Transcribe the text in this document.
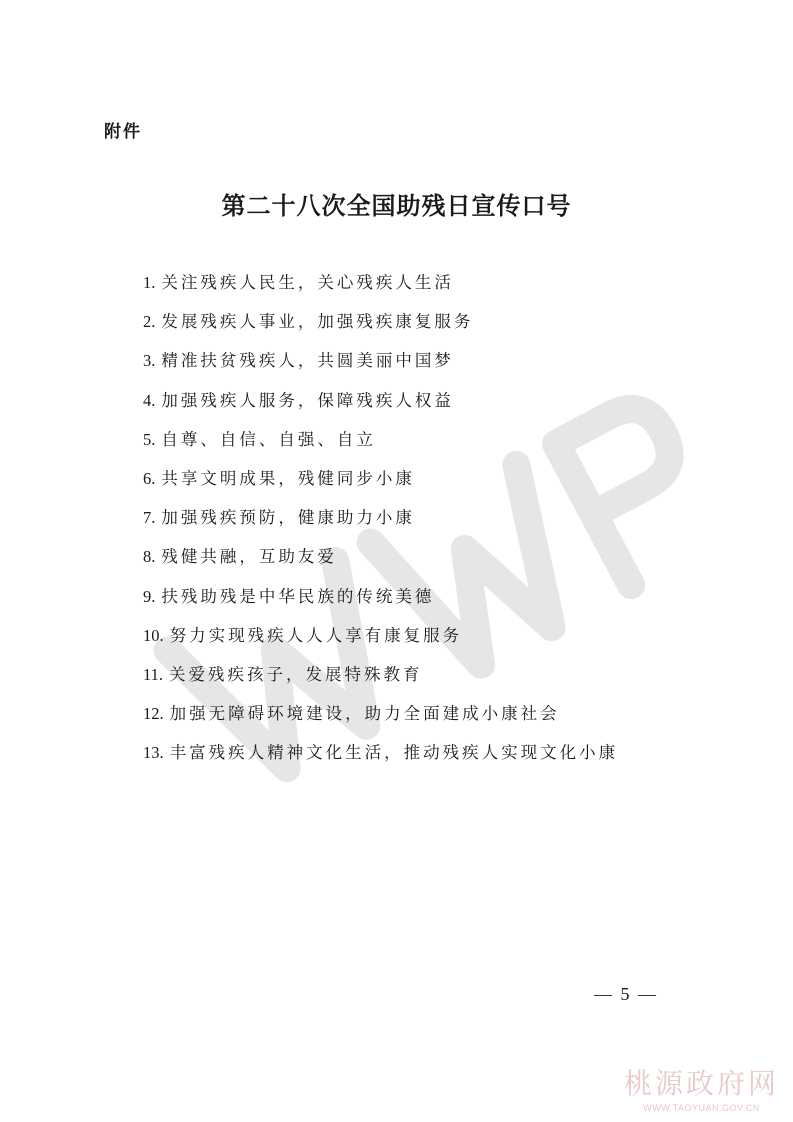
附件
第二十八次全国助残日宣传口号
1. 关注残疾人民生，关心残疾人生活
2. 发展残疾人事业，加强残疾康复服务
3. 精准扶贫残疾人，共圆美丽中国梦
4. 加强残疾人服务，保障残疾人权益
5. 自尊、自信、自强、自立
6. 共享文明成果，残健同步小康
7. 加强残疾预防，健康助力小康
8. 残健共融，互助友爱
9. 扶残助残是中华民族的传统美德
10. 努力实现残疾人人人享有康复服务
11. 关爱残疾孩子，发展特殊教育
12. 加强无障碍环境建设，助力全面建成小康社会
13. 丰富残疾人精神文化生活，推动残疾人实现文化小康
— 5 —
桃源政府网
WWW.TAOYUAN.GOV.CN
